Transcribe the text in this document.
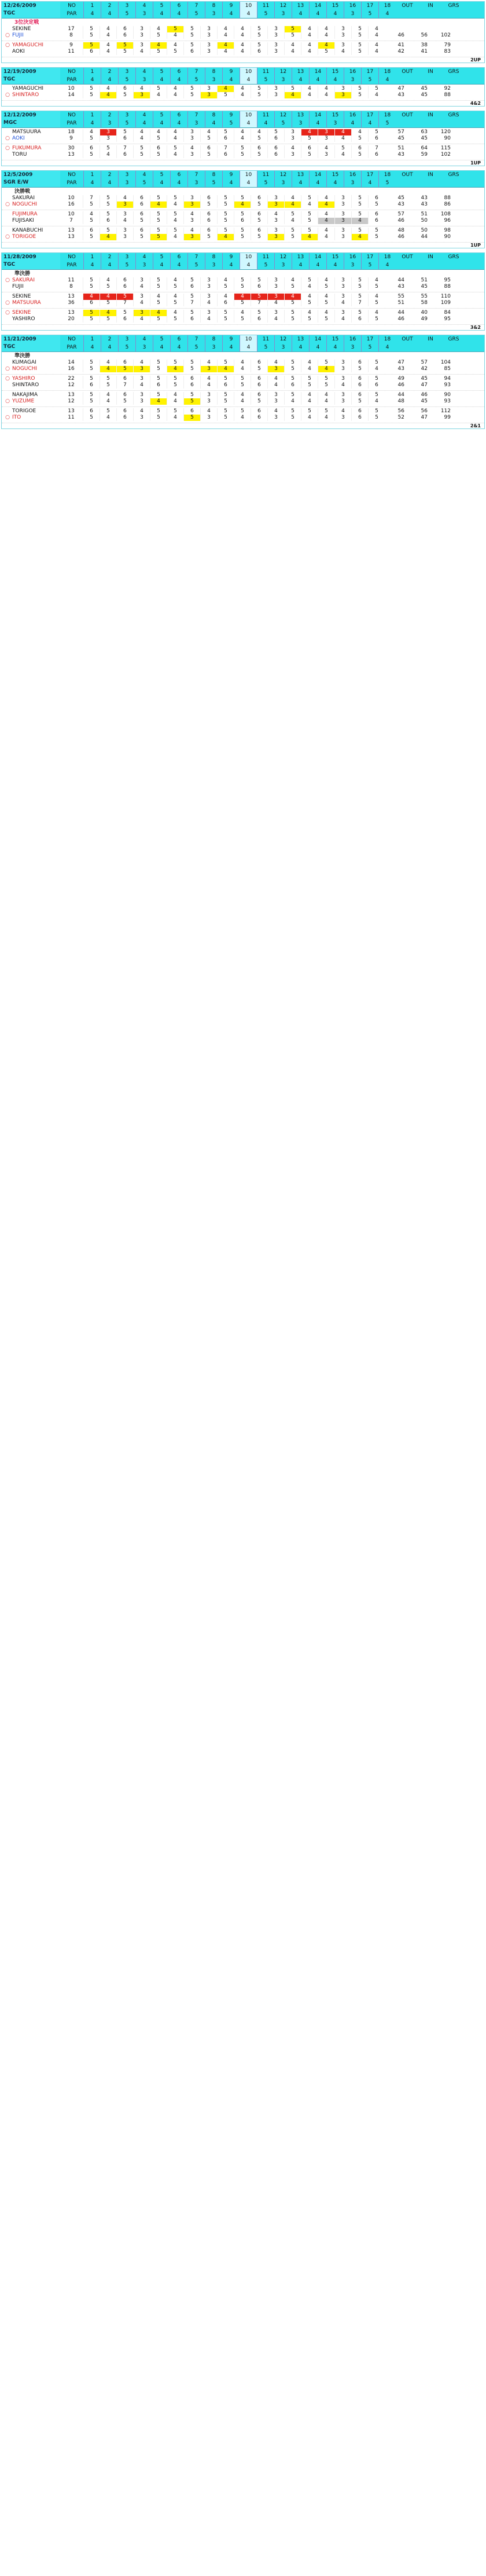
12/26/2009
TGC
NO	1	2	3	4	5	6	7	8	9	10	11	12	13	14	15	16	17	18	OUT	IN	GRS
PAR	4	4	5	3	4	4	5	3	4	4	5	3	4	4	4	3	5	4
3位決定戦
SEKINE	17	5	4	6	3	4	5	5	3	4	4	5	3	5	4	4	3	5	4
○ FUJII	8	5	4	6	3	5	4	5	3	4	4	5	3	5	4	4	3	5	4	46	56	102
○ YAMAGUCHI	9	5	4	5	3	4	4	5	3	4	4	5	3	4	4	4	3	5	4	41	38	79
AOKI	11	6	4	5	4	5	5	6	3	4	4	6	3	4	4	5	4	5	4	42	41	83
2UP
12/19/2009
TGC
NO	1	2	3	4	5	6	7	8	9	10	11	12	13	14	15	16	17	18	OUT	IN	GRS
PAR	4	4	5	3	4	4	5	3	4	4	5	3	4	4	4	3	5	4
YAMAGUCHI	10	5	4	6	4	5	4	5	3	4	4	5	3	5	4	4	3	5	5	47	45	92
○ SHINTARO	14	5	4	5	3	4	4	5	3	5	4	5	3	4	4	4	3	5	4	43	45	88
4&2
12/12/2009
MGC
NO	1	2	3	4	5	6	7	8	9	10	11	12	13	14	15	16	17	18	OUT	IN	GRS
PAR	4	3	5	4	4	4	3	4	5	4	4	5	3	4	3	4	4	5
MATSUURA	18	4	3	5	4	4	4	3	4	5	4	4	5	3	4	3	4	4	5	57	63	120
○ AOKI	9	5	3	6	4	5	4	3	5	6	4	5	6	3	5	3	4	5	6	45	45	90
○ FUKUMURA	30	6	5	7	5	6	5	4	6	7	5	6	6	4	6	4	5	6	7	51	64	115
TORU	13	5	4	6	5	5	4	3	5	6	5	5	6	3	5	3	4	5	6	43	59	102
1UP
12/5/2009
SGR E/W
NO	1	2	3	4	5	6	7	8	9	10	11	12	13	14	15	16	17	18	OUT	IN	GRS
PAR	4	4	3	5	4	4	3	5	4	4	5	3	4	4	4	3	4	5
決勝戦
SAKURAI	10	7	5	4	6	5	5	3	6	5	5	6	3	4	5	4	3	5	6	45	43	88
○ NOGUCHI	16	5	5	3	6	4	4	3	5	5	4	5	3	4	4	4	3	5	5	43	43	86
FUJIMURA	10	4	5	3	6	5	5	4	6	5	5	6	4	5	5	4	3	5	6	57	51	108
FUJISAKI	7	5	6	4	5	5	4	3	6	5	6	5	3	4	5	4	3	4	6	46	50	96
KANABUCHI	13	6	5	3	6	5	5	4	6	5	5	6	3	5	5	4	3	5	5	48	50	98
○ TORIGOE	13	5	4	3	5	5	4	3	5	4	5	5	3	5	4	4	3	4	5	46	44	90
1UP
11/28/2009
TGC
NO	1	2	3	4	5	6	7	8	9	10	11	12	13	14	15	16	17	18	OUT	IN	GRS
PAR	4	4	5	3	4	4	5	3	4	4	5	3	4	4	4	3	5	4
準決勝
○ SAKURAI	11	5	4	6	3	5	4	5	3	4	5	5	3	4	5	4	3	5	4	44	51	95
FUJII	8	5	5	6	4	5	5	6	3	5	5	6	3	5	4	5	3	5	5	43	45	88
SEKINE	13	4	4	5	3	4	4	5	3	4	4	5	3	4	4	4	3	5	4	55	55	110
○ MATSUURA	36	6	5	7	4	5	5	7	4	6	5	7	4	5	5	5	4	7	5	51	58	109
○ SEKINE	13	5	4	5	3	4	4	5	3	5	4	5	3	5	4	4	3	5	4	44	40	84
YASHIRO	20	5	5	6	4	5	5	6	4	5	5	6	4	5	5	5	4	6	5	46	49	95
3&2
11/21/2009
TGC
NO	1	2	3	4	5	6	7	8	9	10	11	12	13	14	15	16	17	18	OUT	IN	GRS
PAR	4	4	5	3	4	4	5	3	4	4	5	3	4	4	4	3	5	4
準決勝
KUMAGAI	14	5	4	6	4	5	5	5	4	5	4	6	4	5	4	5	3	6	5	47	57	104
○ NOGUCHI	16	5	4	5	3	5	4	5	3	4	4	5	3	5	4	4	3	5	4	43	42	85
○ YASHIRO	22	5	5	6	3	5	5	6	4	5	5	6	4	5	5	5	3	6	5	49	45	94
SHINTARO	12	6	5	7	4	6	5	6	4	6	5	6	4	6	5	5	4	6	6	46	47	93
NAKAJIMA	13	5	4	6	3	5	4	5	3	5	4	6	3	5	4	4	3	6	5	44	46	90
○ YUZUME	12	5	4	5	3	4	4	5	3	5	4	5	3	4	4	4	3	5	4	48	45	93
TORIGOE	13	6	5	6	4	5	5	6	4	5	5	6	4	5	5	5	4	6	5	56	56	112
○ ITO	11	5	4	6	3	5	4	5	3	5	4	6	3	5	4	4	3	6	5	52	47	99
2&1
